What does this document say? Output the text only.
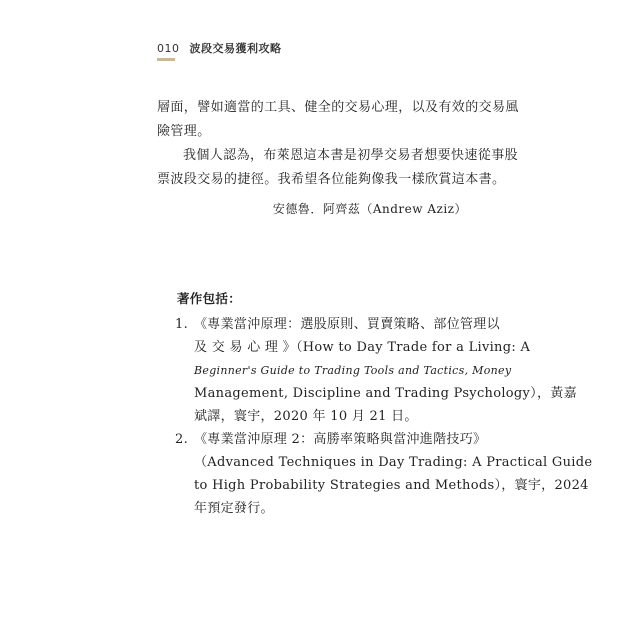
010 波段交易獲利攻略
層面，譬如適當的工具、健全的交易心理，以及有效的交易風
險管理。
我個人認為，布萊恩這本書是初學交易者想要快速從事股
票波段交易的捷徑。我希望各位能夠像我一樣欣賞這本書。
安德魯．阿齊茲（Andrew Aziz）
著作包括：
1. 《專業當沖原理：選股原則、買賣策略、部位管理以
及 交 易 心 理 》（How to Day Trade for a Living: A
Beginner's Guide to Trading Tools and Tactics, Money
Management, Discipline and Trading Psychology），黃嘉
斌譯，寰宇，2020 年 10 月 21 日。
2. 《專業當沖原理 2：高勝率策略與當沖進階技巧》
（Advanced Techniques in Day Trading: A Practical Guide
to High Probability Strategies and Methods），寰宇，2024
年預定發行。
